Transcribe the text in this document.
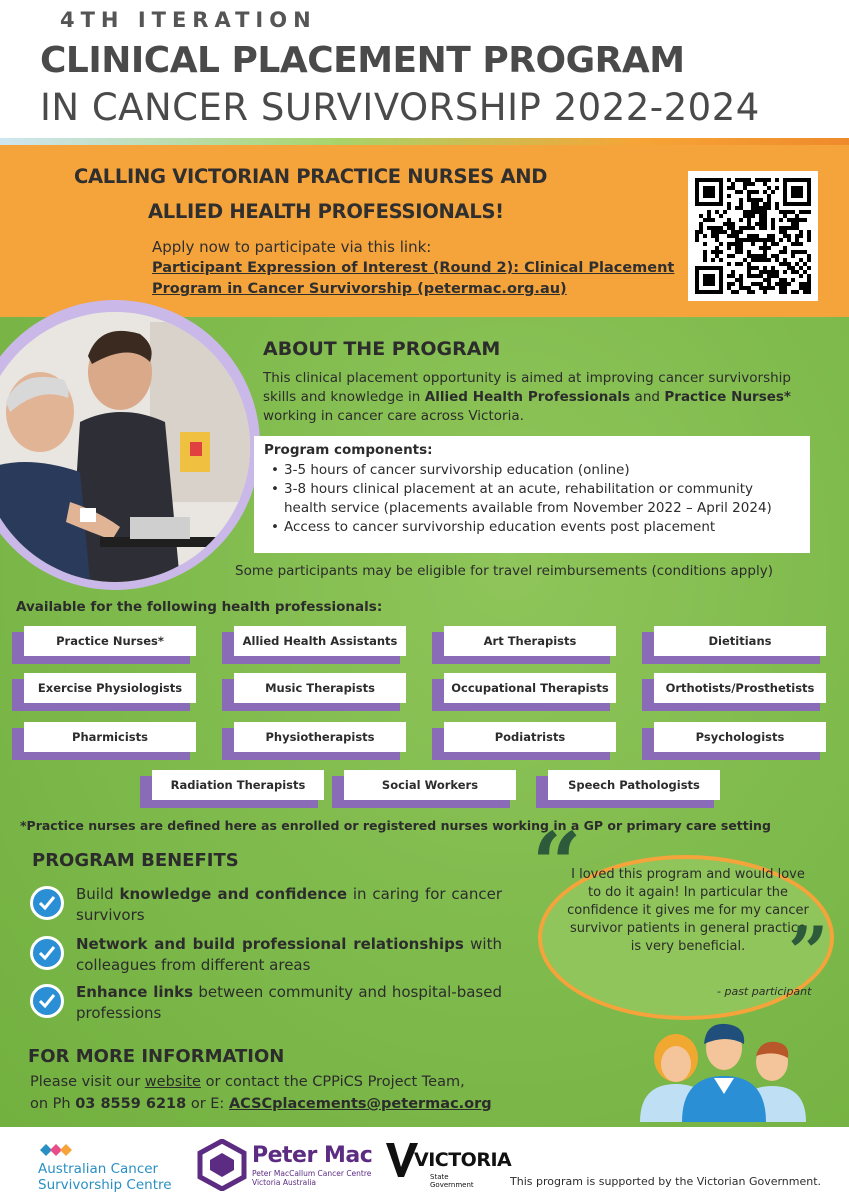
4TH ITERATION
CLINICAL PLACEMENT PROGRAM
IN CANCER SURVIVORSHIP 2022-2024
CALLING VICTORIAN PRACTICE NURSES AND
ALLIED HEALTH PROFESSIONALS!
Apply now to participate via this link:
Participant Expression of Interest (Round 2): Clinical Placement
Program in Cancer Survivorship (petermac.org.au)
ABOUT THE PROGRAM
This clinical placement opportunity is aimed at improving cancer survivorship skills and knowledge in Allied Health Professionals and Practice Nurses* working in cancer care across Victoria.
Program components:
• 3-5 hours of cancer survivorship education (online)
• 3-8 hours clinical placement at an acute, rehabilitation or community health service (placements available from November 2022 – April 2024)
• Access to cancer survivorship education events post placement
Some participants may be eligible for travel reimbursements (conditions apply)
Available for the following health professionals:
Practice Nurses*	Allied Health Assistants	Art Therapists	Dietitians
Exercise Physiologists	Music Therapists	Occupational Therapists	Orthotists/Prosthetists
Pharmicists	Physiotherapists	Podiatrists	Psychologists
Radiation Therapists	Social Workers	Speech Pathologists
*Practice nurses are defined here as enrolled or registered nurses working in a GP or primary care setting
PROGRAM BENEFITS
Build knowledge and confidence in caring for cancer survivors
Network and build professional relationships with colleagues from different areas
Enhance links between community and hospital-based professions
“
I loved this program and would love to do it again! In particular the confidence it gives me for my cancer survivor patients in general practice is very beneficial. ”
- past participant
FOR MORE INFORMATION
Please visit our website or contact the CPPiCS Project Team,
on Ph 03 8559 6218 or E: ACSCplacements@petermac.org
Australian Cancer
Survivorship Centre
Peter Mac
Peter MacCallum Cancer Centre
Victoria Australia
VICTORIA
State
Government	This program is supported by the Victorian Government.
